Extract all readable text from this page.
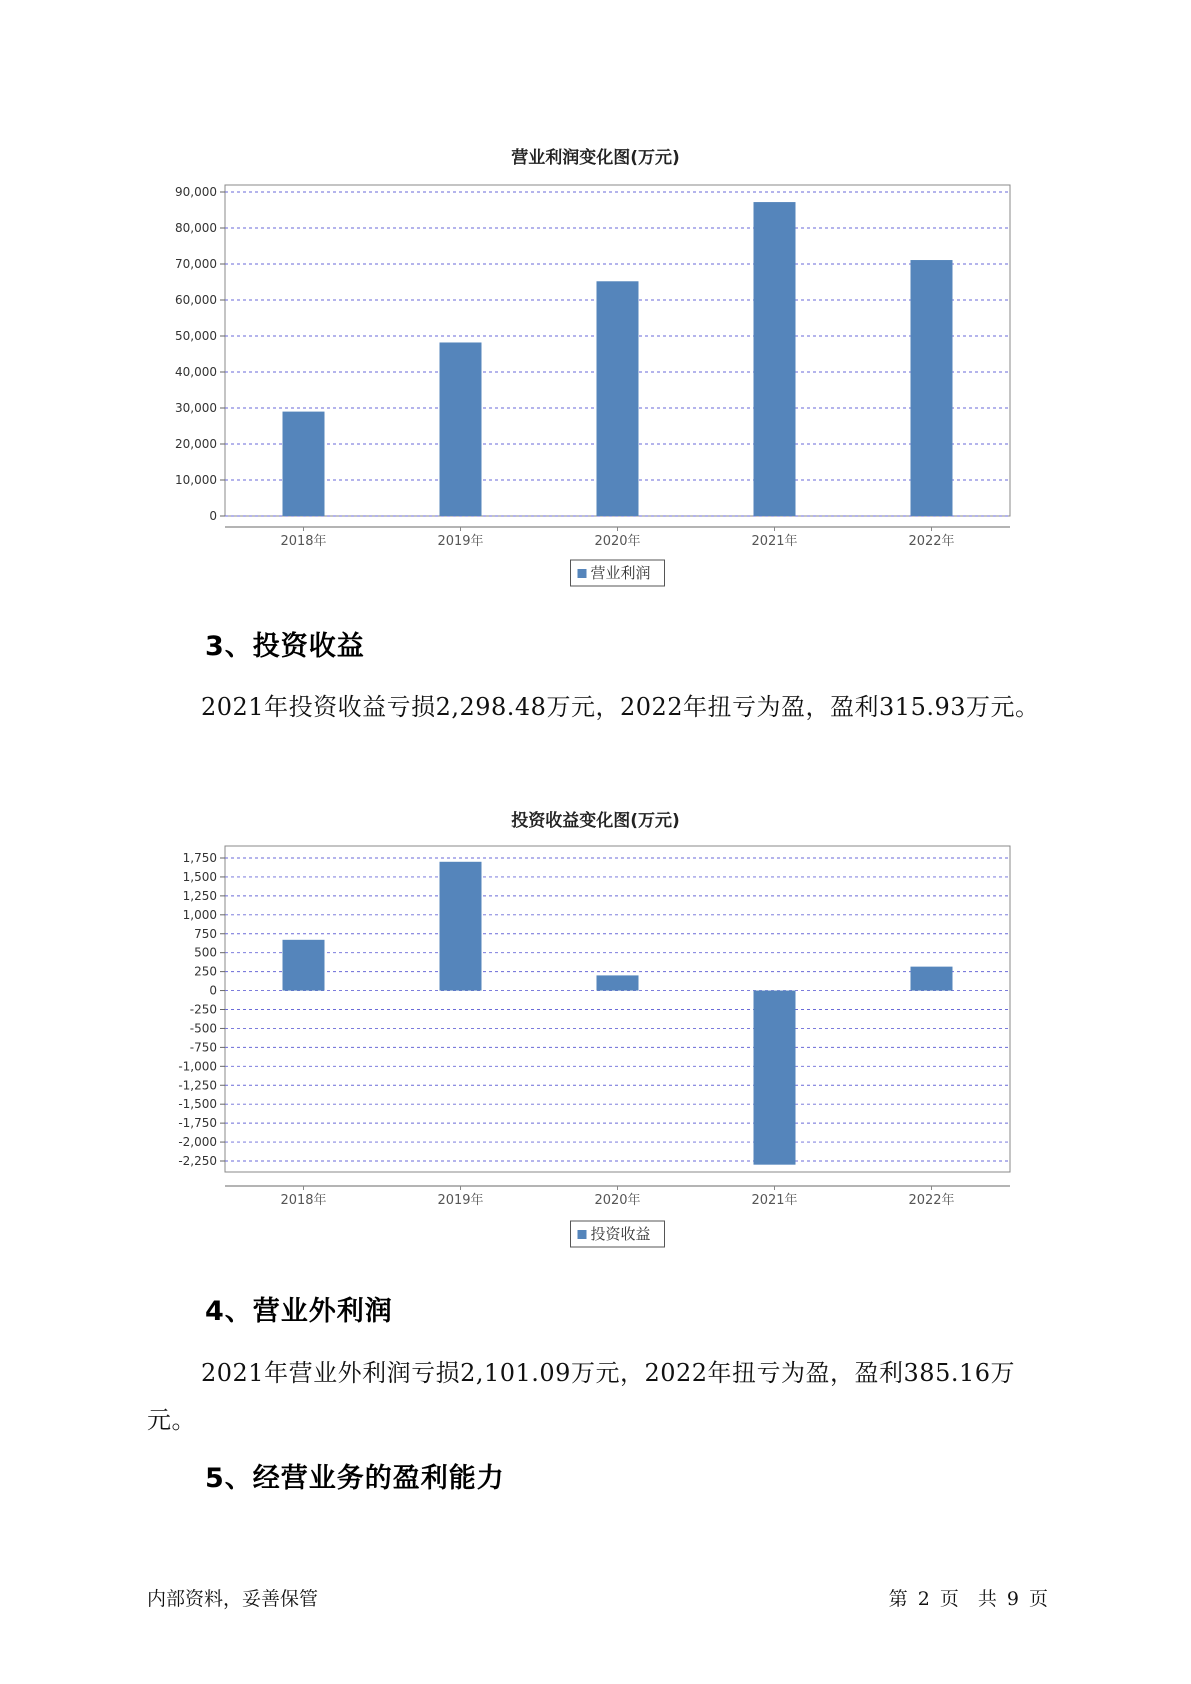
营业利润变化图(万元)
0
10,000
20,000
30,000
40,000
50,000
60,000
70,000
80,000
90,000
2018年	2019年	2020年	2021年	2022年
营业利润
3、投资收益
2021年投资收益亏损2,298.48万元，2022年扭亏为盈，盈利315.93万元。
投资收益变化图(万元)
1,750
1,500
1,250
1,000
750
500
250
0
-250
-500
-750
-1,000
-1,250
-1,500
-1,750
-2,000
-2,250
2018年	2019年	2020年	2021年	2022年
投资收益
4、营业外利润
2021年营业外利润亏损2,101.09万元，2022年扭亏为盈，盈利385.16万元。
5、经营业务的盈利能力
内部资料，妥善保管	第 2 页　共 9 页
